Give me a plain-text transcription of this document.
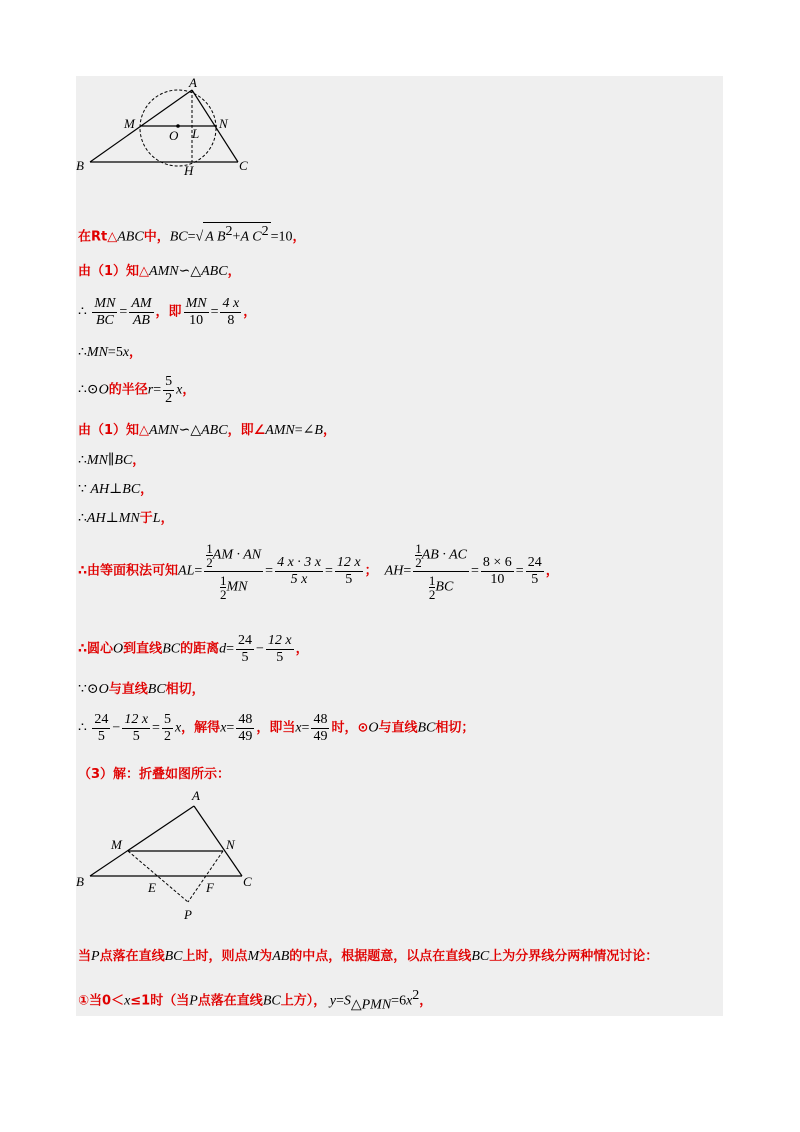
A
M
O L
N
B	H	C
在Rt△ABC中，BC=√ A $B^2+A$ $C^2 =10$，
由（1）知△AMN∽△ABC，
∴ $\frac{MN}{BC} = \frac{AM}{AB}$ ，即 $\frac{MN}{10} = \frac{4 x}{8}$ ，
∴MN=5x，
∴⊙O的半径$r= \frac{5}{2}$ x，
由（1）知△AMN∽△ABC，即∠AMN=∠B，
∴MN∥BC，
∵ AH⊥BC，
∴AH⊥MN于L，
∴由等面积法可知$AL= \frac{\frac{1}{2} AM \cdot AN}{\frac{1}{2} MN} = \frac{4 x \cdot 3 x}{5 x} = \frac{12 x}{5}$ ； $AH= \frac{\frac{1}{2} AB \cdot AC}{\frac{1}{2} BC} = \frac{8 \times 6}{10} = \frac{24}{5}$ ，
∴圆心O到直线BC的距离$d= \frac{24}{5} - \frac{12 x}{5}$ ，
∵⊙O与直线BC相切，
∴ $\frac{24}{5} - \frac{12 x}{5} = \frac{5}{2}$ x，解得$x= \frac{48}{49}$ ，即当$x= \frac{48}{49}$ 时，⊙O与直线BC相切；
（3）解：折叠如图所示：
A
M	N
B	E	F C
P
当P点落在直线BC上时，则点M为AB的中点，根据题意，以点在直线BC上为分界线分两种情况讨论：
①当0＜x≤1时（当P点落在直线BC上方）， $y=S_{\triangle PMN}=6x^2$，
